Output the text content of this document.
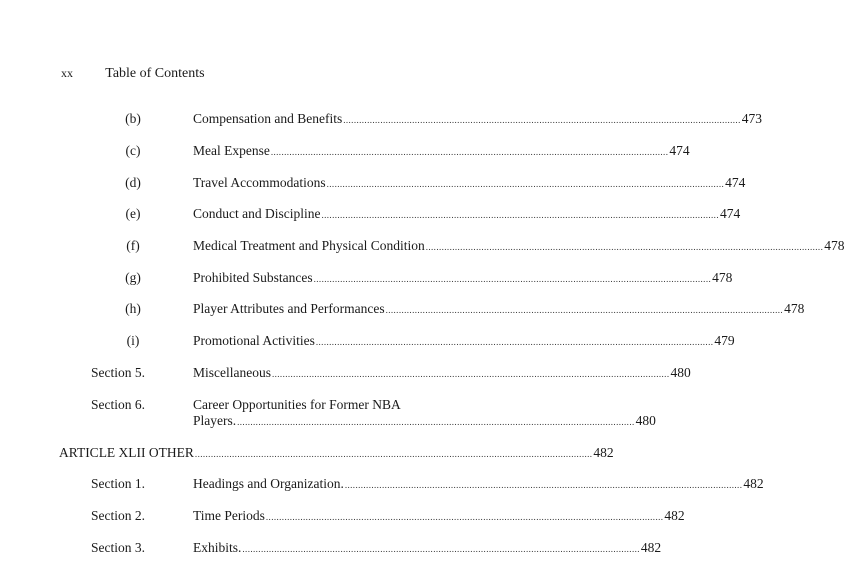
xx Table of Contents
(b)	Compensation and Benefits ...................................................................................................................................................... 473
(c)	Meal Expense ...................................................................................................................................................... 474
(d)	Travel Accommodations ...................................................................................................................................................... 474
(e)	Conduct and Discipline ...................................................................................................................................................... 474
(f)	Medical Treatment and Physical Condition ...................................................................................................................................................... 478
(g)	Prohibited Substances ...................................................................................................................................................... 478
(h)	Player Attributes and Performances ...................................................................................................................................................... 478
(i)	Promotional Activities ...................................................................................................................................................... 479
Section 5.	Miscellaneous ...................................................................................................................................................... 480
Section 6.	Career Opportunities for Former NBA
Players. ...................................................................................................................................................... 480
ARTICLE XLII OTHER ...................................................................................................................................................... 482
Section 1.	Headings and Organization. ...................................................................................................................................................... 482
Section 2.	Time Periods ...................................................................................................................................................... 482
Section 3.	Exhibits. ...................................................................................................................................................... 482
